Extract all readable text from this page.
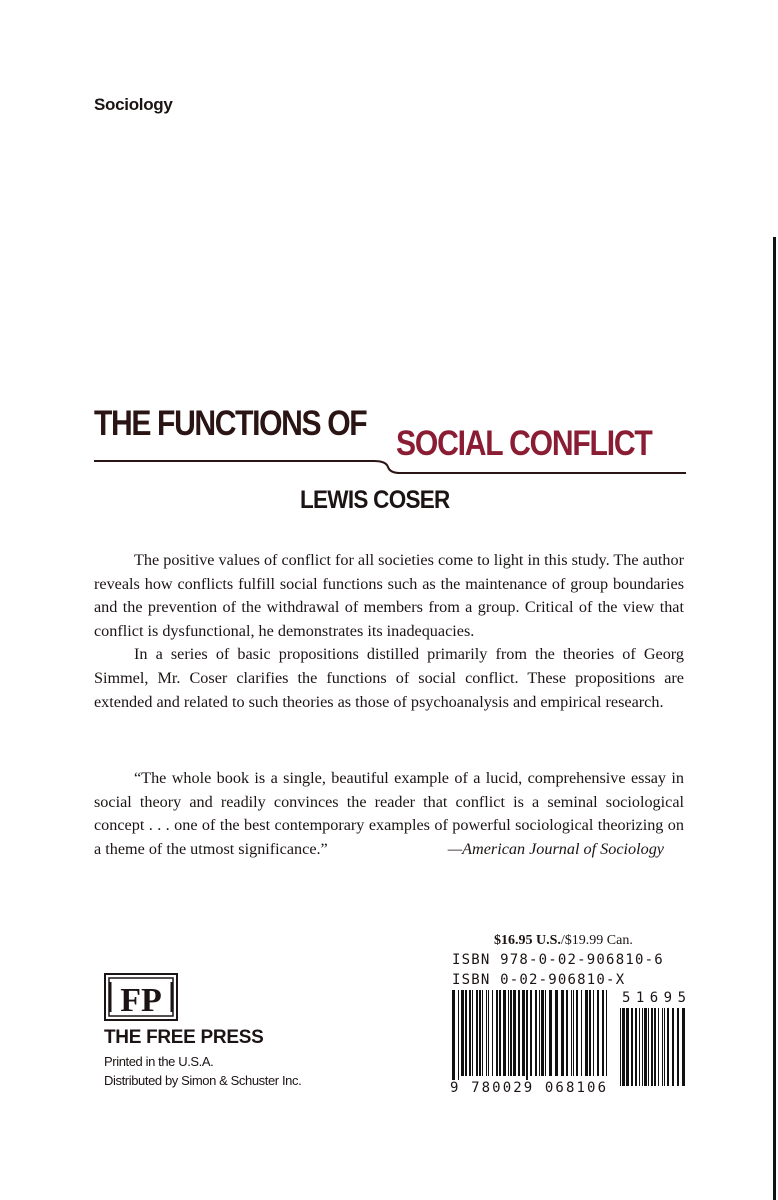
Sociology
THE FUNCTIONS OF
SOCIAL CONFLICT
LEWIS COSER

The positive values of conflict for all societies come to light in this study. The author reveals how conflicts fulfill social functions such as the maintenance of group boundaries and the prevention of the withdrawal of members from a group. Critical of the view that conflict is dysfunctional, he demonstrates its inadequacies.

In a series of basic propositions distilled primarily from the theories of Georg Simmel, Mr. Coser clarifies the functions of social conflict. These propositions are extended and related to such theories as those of psychoanalysis and empirical research.

“The whole book is a single, beautiful example of a lucid, comprehensive essay in social theory and readily convinces the reader that conflict is a seminal sociological concept . . . one of the best contemporary examples of powerful sociological theorizing on a theme of the utmost significance.”	—American Journal of Sociology

FP
THE FREE PRESS
Printed in the U.S.A.
Distributed by Simon & Schuster Inc.
$16.95 U.S./$19.99 Can.
ISBN 978-0-02-906810-6
ISBN 0-02-906810-X
9 780029 068106
51695
